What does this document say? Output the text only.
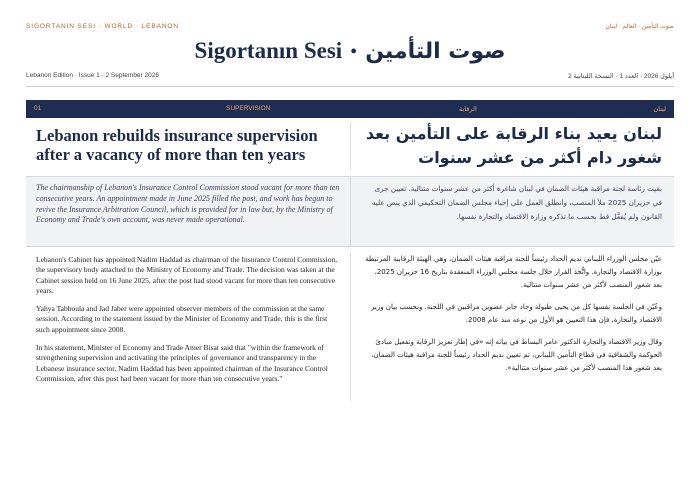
SIGORTANIN SESI · WORLD · LEBANON	صوت التأمين · العالم · لبنان
Sigortanın Sesi • صوت التأمين
Lebanon Edition · Issue 1 · 2 September 2026	أيلول 2026 · العدد 1 · النسخة اللبنانية 2
01	SUPERVISION	الرقابة	لبنان
Lebanon rebuilds insurance supervision after a vacancy of more than ten years
لبنان يعيد بناء الرقابة على التأمين بعد شغور دام أكثر من عشر سنوات
The chairmanship of Lebanon's Insurance Control Commission stood vacant for more than ten consecutive years. An appointment made in June 2025 filled the post, and work has begun to revive the Insurance Arbitration Council, which is provided for in law but, by the Ministry of Economy and Trade's own account, was never made operational.
بقيت رئاسة لجنة مراقبة هيئات الضمان في لبنان شاغرة أكثر من عشر سنوات متتالية. تعيين جرى في حزيران 2025 ملأ المنصب، وانطلق العمل على إحياء مجلس الضمان التحكيمي الذي ينص عليه القانون ولم يُفعَّل قط بحسب ما تذكره وزارة الاقتصاد والتجارة نفسها.

Lebanon's Cabinet has appointed Nadim Haddad as chairman of the Insurance Control Commission, the supervisory body attached to the Ministry of Economy and Trade. The decision was taken at the Cabinet session held on 16 June 2025, after the post had stood vacant for more than ten consecutive years.

Yahya Tabboula and Jad Jaber were appointed observer members of the commission at the same session. According to the statement issued by the Minister of Economy and Trade, this is the first such appointment since 2008.

In his statement, Minister of Economy and Trade Amer Bisat said that "within the framework of strengthening supervision and activating the principles of governance and transparency in the Lebanese insurance sector, Nadim Haddad has been appointed chairman of the Insurance Control Commission, after this post had been vacant for more than ten consecutive years."

عيّن مجلس الوزراء اللبناني نديم الحداد رئيساً للجنة مراقبة هيئات الضمان، وهي الهيئة الرقابية المرتبطة بوزارة الاقتصاد والتجارة. واتُّخذ القرار خلال جلسة مجلس الوزراء المنعقدة بتاريخ 16 حزيران 2025، بعد شغور المنصب لأكثر من عشر سنوات متتالية.

وعُيّن في الجلسة نفسها كل من يحيى طبولة وجاد جابر عضوين مراقبين في اللجنة. وبحسب بيان وزير الاقتصاد والتجارة، فإن هذا التعيين هو الأول من نوعه منذ عام 2008.

وقال وزير الاقتصاد والتجارة الدكتور عامر البساط في بيانه إنه «في إطار تعزيز الرقابة وتفعيل مبادئ الحوكمة والشفافية في قطاع التأمين اللبناني، تم تعيين نديم الحداد رئيساً للجنة مراقبة هيئات الضمان، بعد شغور هذا المنصب لأكثر من عشر سنوات متتالية».
